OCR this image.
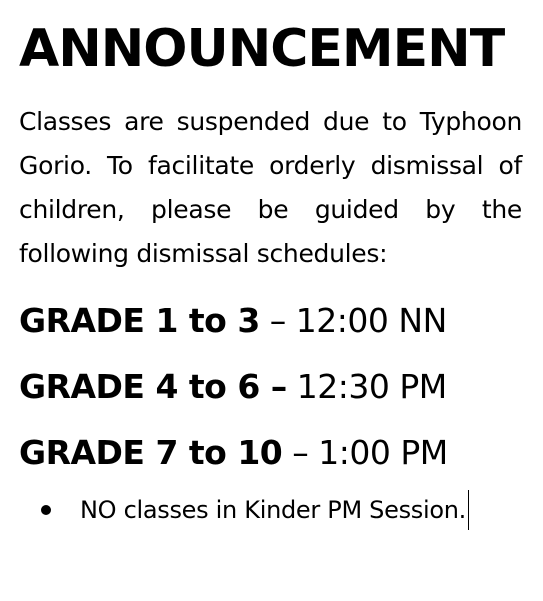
ANNOUNCEMENT

Classes are suspended due to Typhoon Gorio. To facilitate orderly dismissal of children, please be guided by the following dismissal schedules:

GRADE 1 to 3 – 12:00 NN
GRADE 4 to 6 – 12:30 PM
GRADE 7 to 10 – 1:00 PM
NO classes in Kinder PM Session.
